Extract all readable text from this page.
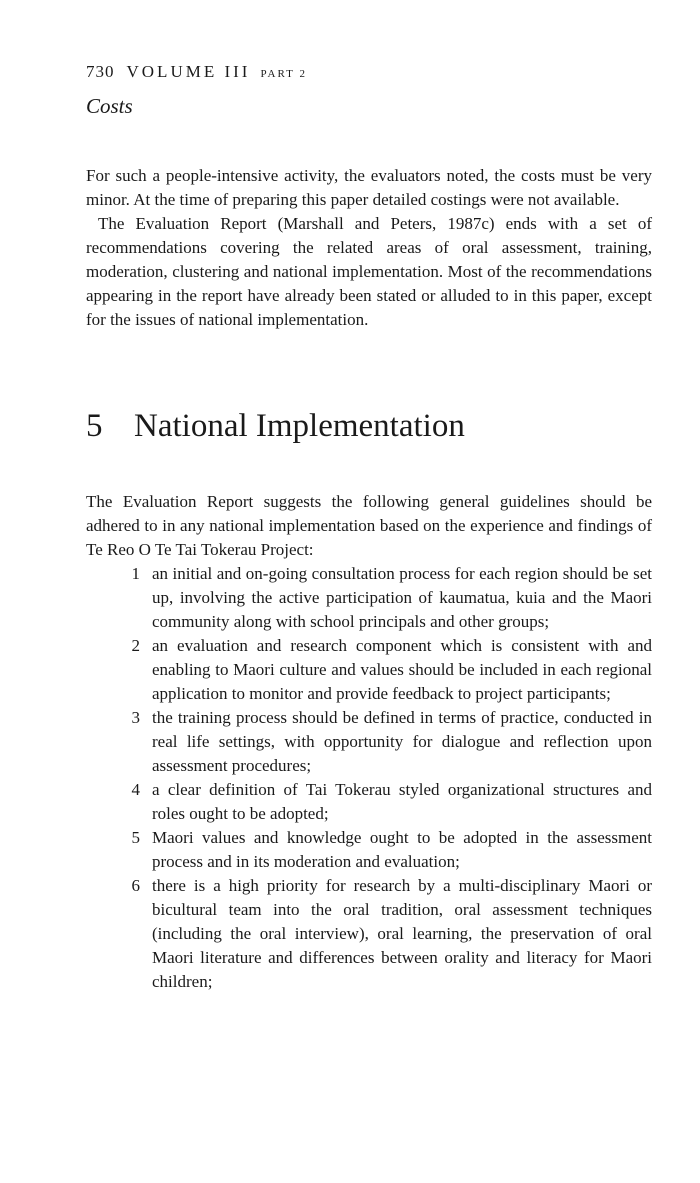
730 VOLUME III PART 2
Costs

For such a people-intensive activity, the evaluators noted, the costs must be very minor. At the time of preparing this paper detailed costings were not available.

The Evaluation Report (Marshall and Peters, 1987c) ends with a set of recommendations covering the related areas of oral assessment, training, moderation, clustering and national implementation. Most of the recommendations appearing in the report have already been stated or alluded to in this paper, except for the issues of national implementation.

5 National Implementation

The Evaluation Report suggests the following general guidelines should be adhered to in any national implementation based on the experience and findings of Te Reo O Te Tai Tokerau Project:

1 an initial and on-going consultation process for each region should be set up, involving the active participation of kaumatua, kuia and the Maori community along with school principals and other groups;
2 an evaluation and research component which is consistent with and enabling to Maori culture and values should be included in each regional application to monitor and provide feedback to project participants;
3 the training process should be defined in terms of practice, conducted in real life settings, with opportunity for dialogue and reflection upon assessment procedures;
4 a clear definition of Tai Tokerau styled organizational structures and roles ought to be adopted;
5 Maori values and knowledge ought to be adopted in the assessment process and in its moderation and evaluation;
6 there is a high priority for research by a multi-disciplinary Maori or bicultural team into the oral tradition, oral assessment techniques (including the oral interview), oral learning, the preservation of oral Maori literature and differences between orality and literacy for Maori children;
